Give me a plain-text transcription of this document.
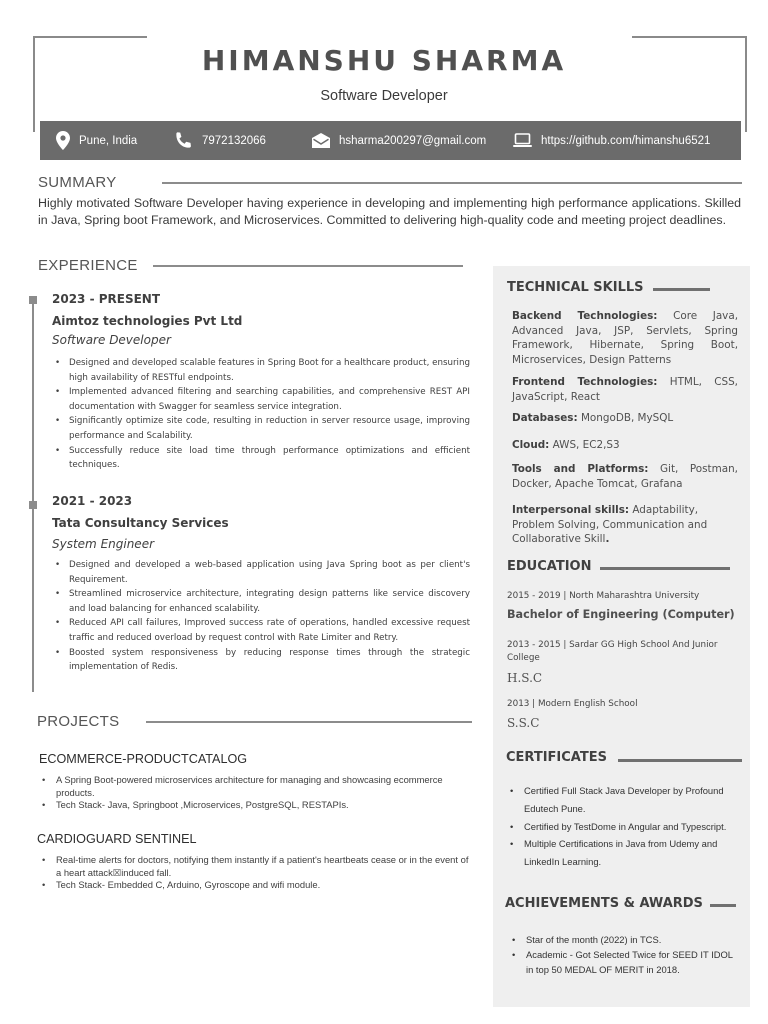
HIMANSHU SHARMA
Software Developer
Pune, India	7972132066	hsharma200297@gmail.com	https://github.com/himanshu6521
SUMMARY
Highly motivated Software Developer having experience in developing and implementing high performance applications. Skilled in Java, Spring boot Framework, and Microservices. Committed to delivering high-quality code and meeting project deadlines.
EXPERIENCE
2023 - PRESENT
Aimtoz technologies Pvt Ltd
Software Developer
• Designed and developed scalable features in Spring Boot for a healthcare product, ensuring high availability of RESTful endpoints.
• Implemented advanced filtering and searching capabilities, and comprehensive REST API documentation with Swagger for seamless service integration.
• Significantly optimize site code, resulting in reduction in server resource usage, improving performance and Scalability.
• Successfully reduce site load time through performance optimizations and efficient techniques.
2021 - 2023
Tata Consultancy Services
System Engineer
• Designed and developed a web-based application using Java Spring boot as per client's Requirement.
• Streamlined microservice architecture, integrating design patterns like service discovery and load balancing for enhanced scalability.
• Reduced API call failures, Improved success rate of operations, handled excessive request traffic and reduced overload by request control with Rate Limiter and Retry.
• Boosted system responsiveness by reducing response times through the strategic implementation of Redis.
PROJECTS
ECOMMERCE-PRODUCTCATALOG
• A Spring Boot-powered microservices architecture for managing and showcasing ecommerce products.
• Tech Stack- Java, Springboot ,Microservices, PostgreSQL, RESTAPIs.
CARDIOGUARD SENTINEL
• Real-time alerts for doctors, notifying them instantly if a patient's heartbeats cease or in the event of a heart attack☒induced fall.
• Tech Stack- Embedded C, Arduino, Gyroscope and wifi module.
TECHNICAL SKILLS
Backend Technologies: Core Java, Advanced Java, JSP, Servlets, Spring Framework, Hibernate, Spring Boot, Microservices, Design Patterns
Frontend Technologies: HTML, CSS, JavaScript, React
Databases: MongoDB, MySQL
Cloud: AWS, EC2,S3
Tools and Platforms: Git, Postman, Docker, Apache Tomcat, Grafana
Interpersonal skills: Adaptability, Problem Solving, Communication and Collaborative Skill.
EDUCATION
2015 - 2019 | North Maharashtra University
Bachelor of Engineering (Computer)
2013 - 2015 | Sardar GG High School And Junior College
H.S.C
2013 | Modern English School
S.S.C
CERTIFICATES
• Certified Full Stack Java Developer by Profound Edutech Pune.
• Certified by TestDome in Angular and Typescript.
• Multiple Certifications in Java from Udemy and LinkedIn Learning.
ACHIEVEMENTS & AWARDS
• Star of the month (2022) in TCS.
• Academic - Got Selected Twice for SEED IT IDOL in top 50 MEDAL OF MERIT in 2018.
